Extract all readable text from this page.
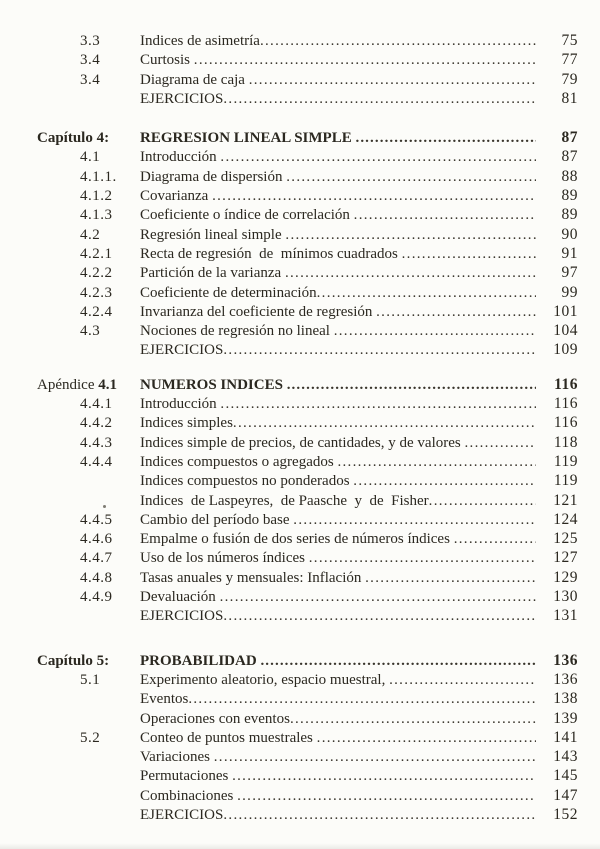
3.3	Indices de asimetría .....	75
3.4	Curtosis .....	77
3.4	Diagrama de caja .....	79
EJERCICIOS .....	81
Capítulo 4:	REGRESION LINEAL SIMPLE .....	87
4.1	Introducción .....	87
4.1.1.	Diagrama de dispersión .....	88
4.1.2	Covarianza .....	89
4.1.3	Coeficiente o índice de correlación .....	89
4.2	Regresión lineal simple .....	90
4.2.1	Recta de regresión  de  mínimos cuadrados .....	91
4.2.2	Partición de la varianza .....	97
4.2.3	Coeficiente de determinación .....	99
4.2.4	Invarianza del coeficiente de regresión .....	101
4.3	Nociones de regresión no lineal .....	104
EJERCICIOS .....	109
Apéndice 4.1	NUMEROS INDICES .....	116
4.4.1	Introducción .....	116
4.4.2	Indices simples .....	116
4.4.3	Indices simple de precios, de cantidades, y de valores .....	118
4.4.4	Indices compuestos o agregados .....	119
Indices compuestos no ponderados .....	119
Indices  de Laspeyres,  de Paasche  y  de  Fisher .....	121
4.4.5	Cambio del período base .....	124
4.4.6	Empalme o fusión de dos series de números índices .....	125
4.4.7	Uso de los números índices .....	127
4.4.8	Tasas anuales y mensuales: Inflación .....	129
4.4.9	Devaluación .....	130
EJERCICIOS .....	131
Capítulo 5:	PROBABILIDAD .....	136
5.1	Experimento aleatorio, espacio muestral, .....	136
Eventos .....	138
Operaciones con eventos .....	139
5.2	Conteo de puntos muestrales .....	141
Variaciones .....	143
Permutaciones .....	145
Combinaciones .....	147
EJERCICIOS .....	152
